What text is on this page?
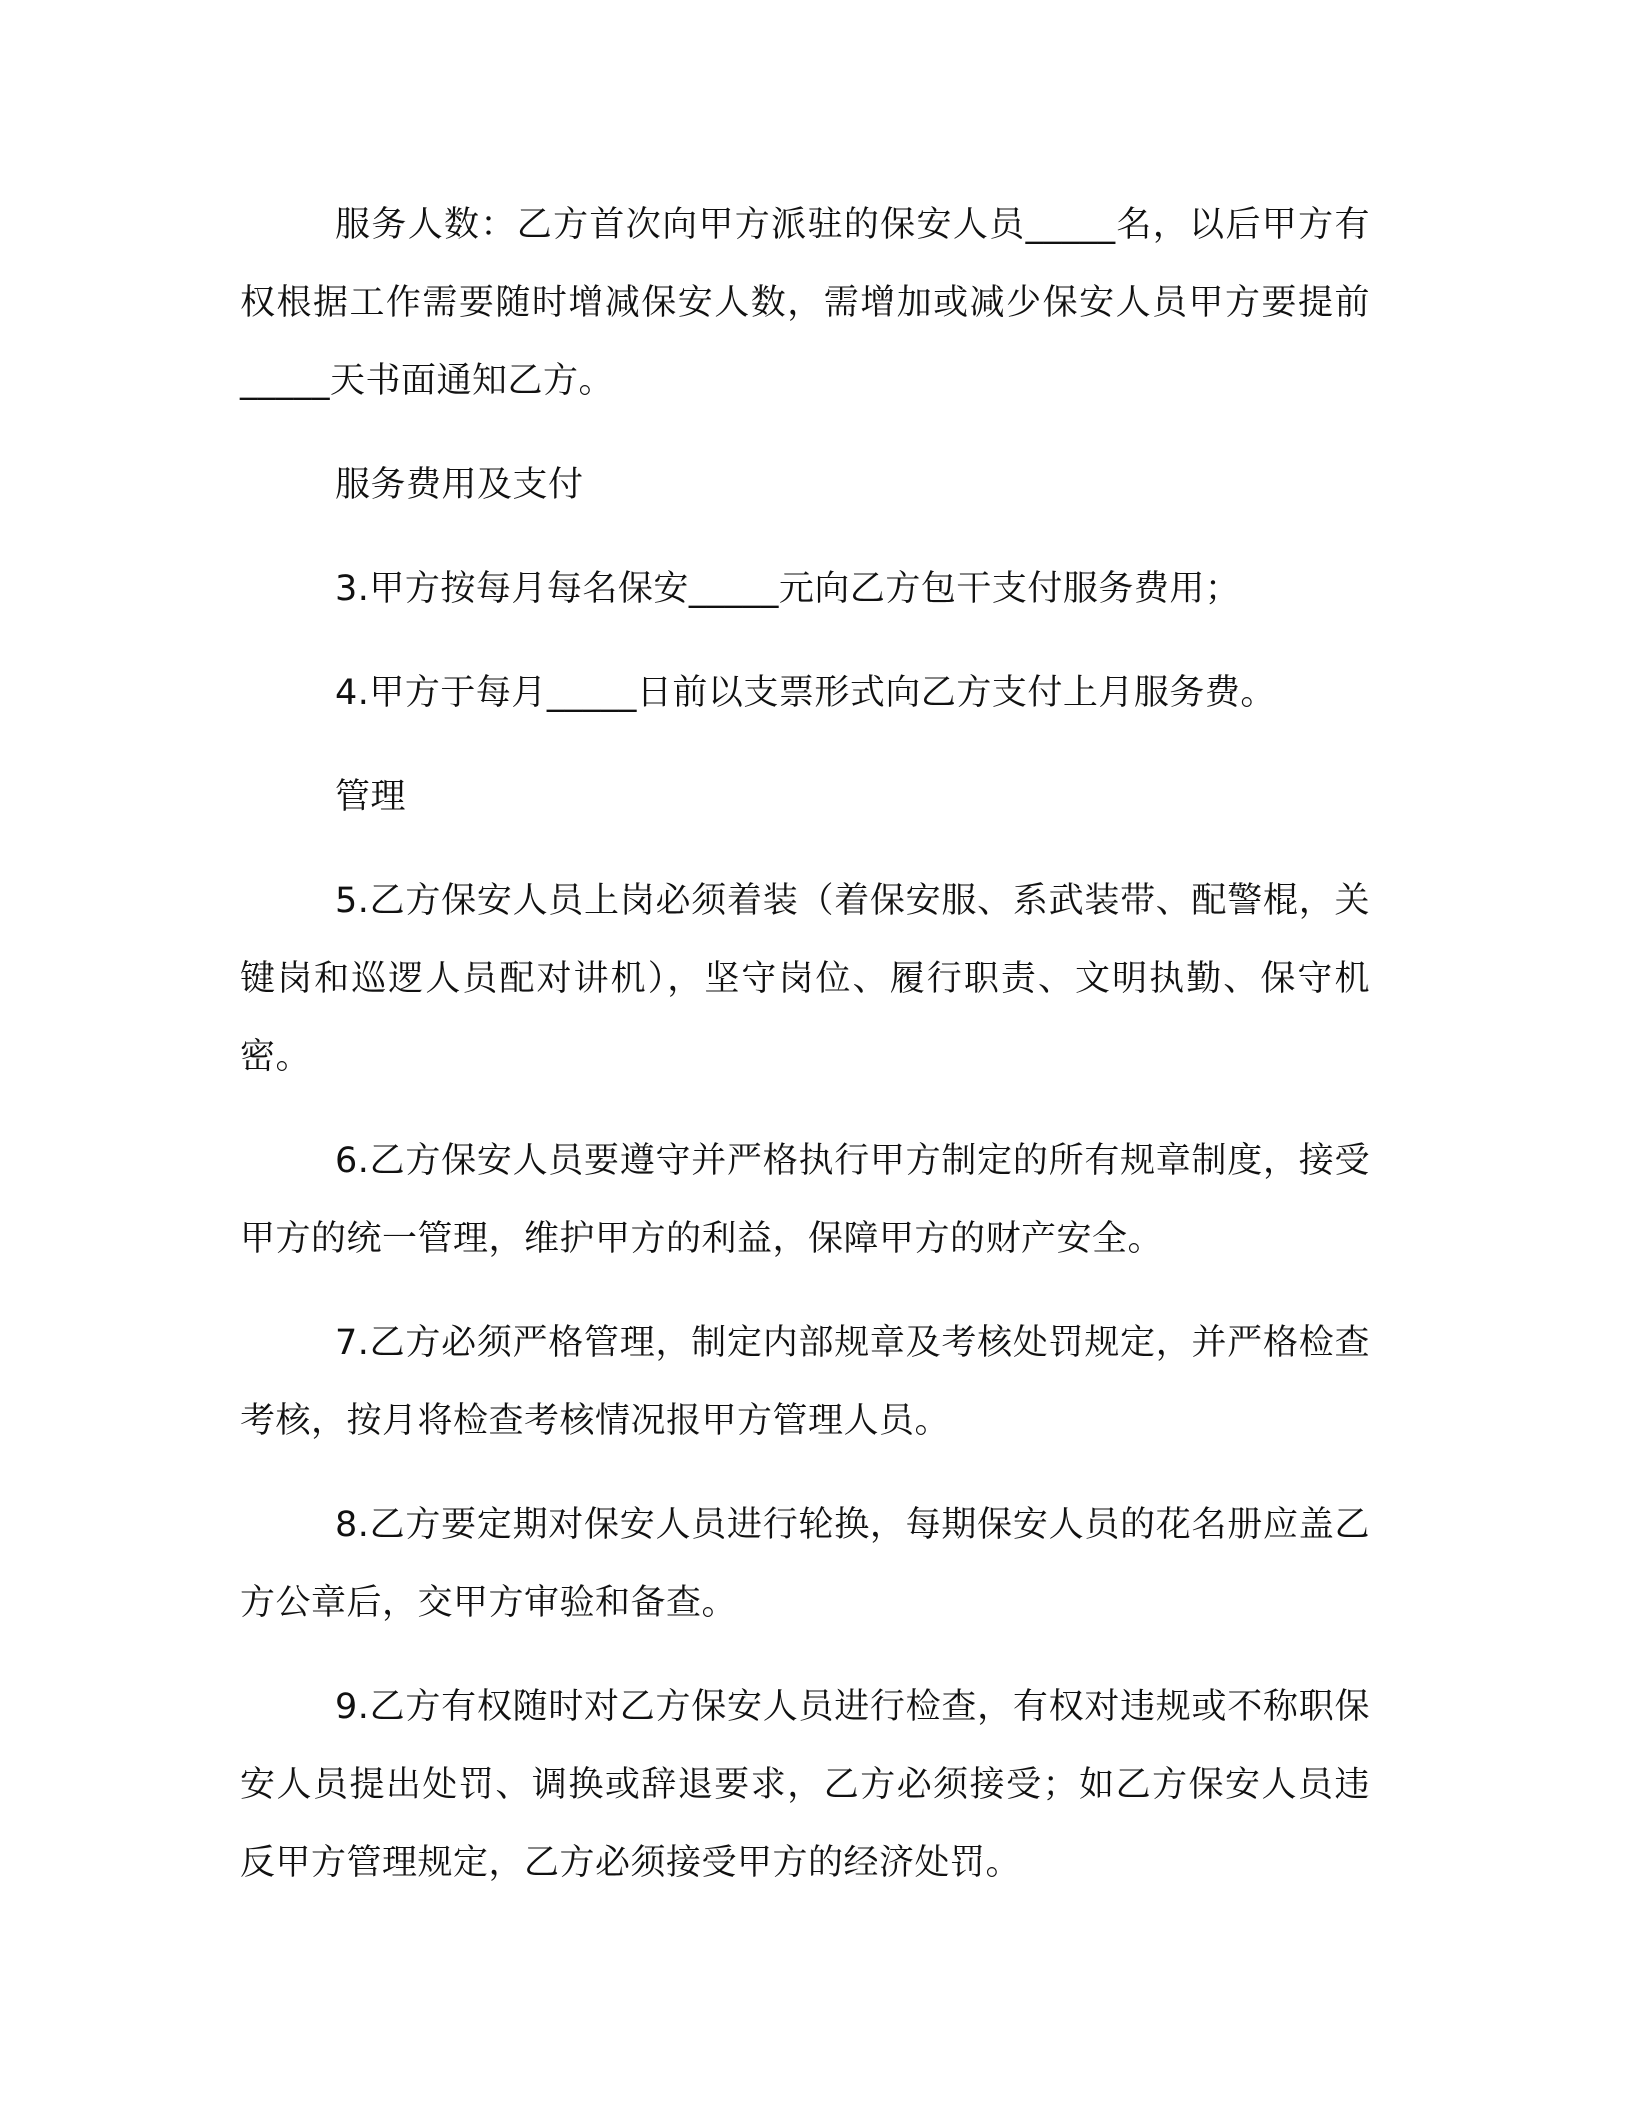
服务人数：乙方首次向甲方派驻的保安人员_____名，以后甲方有权根据工作需要随时增减保安人数，需增加或减少保安人员甲方要提前_____天书面通知乙方。

服务费用及支付

3.甲方按每月每名保安_____元向乙方包干支付服务费用；

4.甲方于每月_____日前以支票形式向乙方支付上月服务费。

管理

5.乙方保安人员上岗必须着装（着保安服、系武装带、配警棍，关键岗和巡逻人员配对讲机），坚守岗位、履行职责、文明执勤、保守机密。

6.乙方保安人员要遵守并严格执行甲方制定的所有规章制度，接受甲方的统一管理，维护甲方的利益，保障甲方的财产安全。

7.乙方必须严格管理，制定内部规章及考核处罚规定，并严格检查考核，按月将检查考核情况报甲方管理人员。

8.乙方要定期对保安人员进行轮换，每期保安人员的花名册应盖乙方公章后，交甲方审验和备查。

9.乙方有权随时对乙方保安人员进行检查，有权对违规或不称职保安人员提出处罚、调换或辞退要求，乙方必须接受；如乙方保安人员违反甲方管理规定，乙方必须接受甲方的经济处罚。
